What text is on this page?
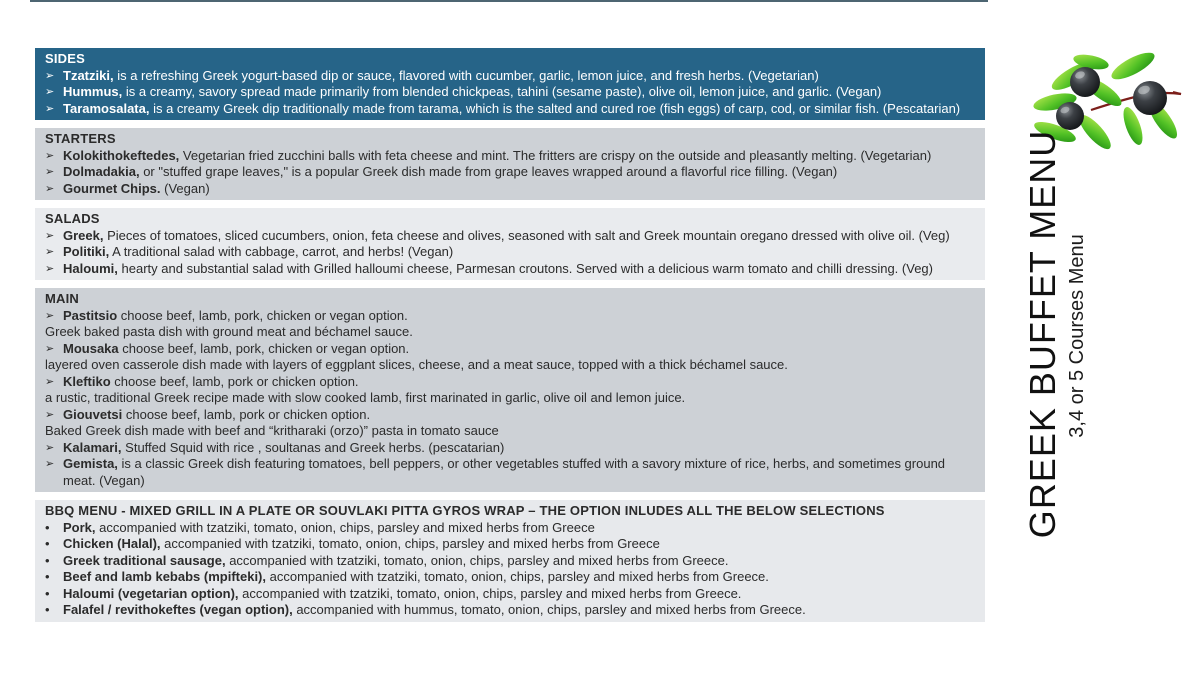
SIDES
➢ Tzatziki, is a refreshing Greek yogurt-based dip or sauce, flavored with cucumber, garlic, lemon juice, and fresh herbs. (Vegetarian)
➢ Hummus, is a creamy, savory spread made primarily from blended chickpeas, tahini (sesame paste), olive oil, lemon juice, and garlic. (Vegan)
➢ Taramosalata, is a creamy Greek dip traditionally made from tarama, which is the salted and cured roe (fish eggs) of carp, cod, or similar fish. (Pescatarian)
STARTERS
➢ Kolokithokeftedes, Vegetarian fried zucchini balls with feta cheese and mint. The fritters are crispy on the outside and pleasantly melting. (Vegetarian)
➢ Dolmadakia, or "stuffed grape leaves," is a popular Greek dish made from grape leaves wrapped around a flavorful rice filling. (Vegan)
➢ Gourmet Chips. (Vegan)
SALADS
➢ Greek, Pieces of tomatoes, sliced cucumbers, onion, feta cheese and olives, seasoned with salt and Greek mountain oregano dressed with olive oil. (Veg)
➢ Politiki, A traditional salad with cabbage, carrot, and herbs! (Vegan)
➢ Haloumi, hearty and substantial salad with Grilled halloumi cheese, Parmesan croutons. Served with a delicious warm tomato and chilli dressing. (Veg)
MAIN
➢ Pastitsio choose beef, lamb, pork, chicken or vegan option.
Greek baked pasta dish with ground meat and béchamel sauce.
➢ Mousaka choose beef, lamb, pork, chicken or vegan option.
layered oven casserole dish made with layers of eggplant slices, cheese, and a meat sauce, topped with a thick béchamel sauce.
➢ Kleftiko choose beef, lamb, pork or chicken option.
a rustic, traditional Greek recipe made with slow cooked lamb, first marinated in garlic, olive oil and lemon juice.
➢ Giouvetsi choose beef, lamb, pork or chicken option.
Baked Greek dish made with beef and “kritharaki (orzo)” pasta in tomato sauce
➢ Kalamari, Stuffed Squid with rice , soultanas and Greek herbs. (pescatarian)
➢ Gemista, is a classic Greek dish featuring tomatoes, bell peppers, or other vegetables stuffed with a savory mixture of rice, herbs, and sometimes ground meat. (Vegan)
BBQ MENU - MIXED GRILL IN A PLATE OR SOUVLAKI PITTA GYROS WRAP – THE OPTION INLUDES ALL THE BELOW SELECTIONS
•	Pork, accompanied with tzatziki, tomato, onion, chips, parsley and mixed herbs from Greece
•	Chicken (Halal), accompanied with tzatziki, tomato, onion, chips, parsley and mixed herbs from Greece
•	Greek traditional sausage, accompanied with tzatziki, tomato, onion, chips, parsley and mixed herbs from Greece.
•	Beef and lamb kebabs (mpifteki), accompanied with tzatziki, tomato, onion, chips, parsley and mixed herbs from Greece.
•	Haloumi (vegetarian option), accompanied with tzatziki, tomato, onion, chips, parsley and mixed herbs from Greece.
•	Falafel / revithokeftes (vegan option), accompanied with hummus, tomato, onion, chips, parsley and mixed herbs from Greece.
GREEK BUFFET MENU 3,4 or 5 Courses Menu
